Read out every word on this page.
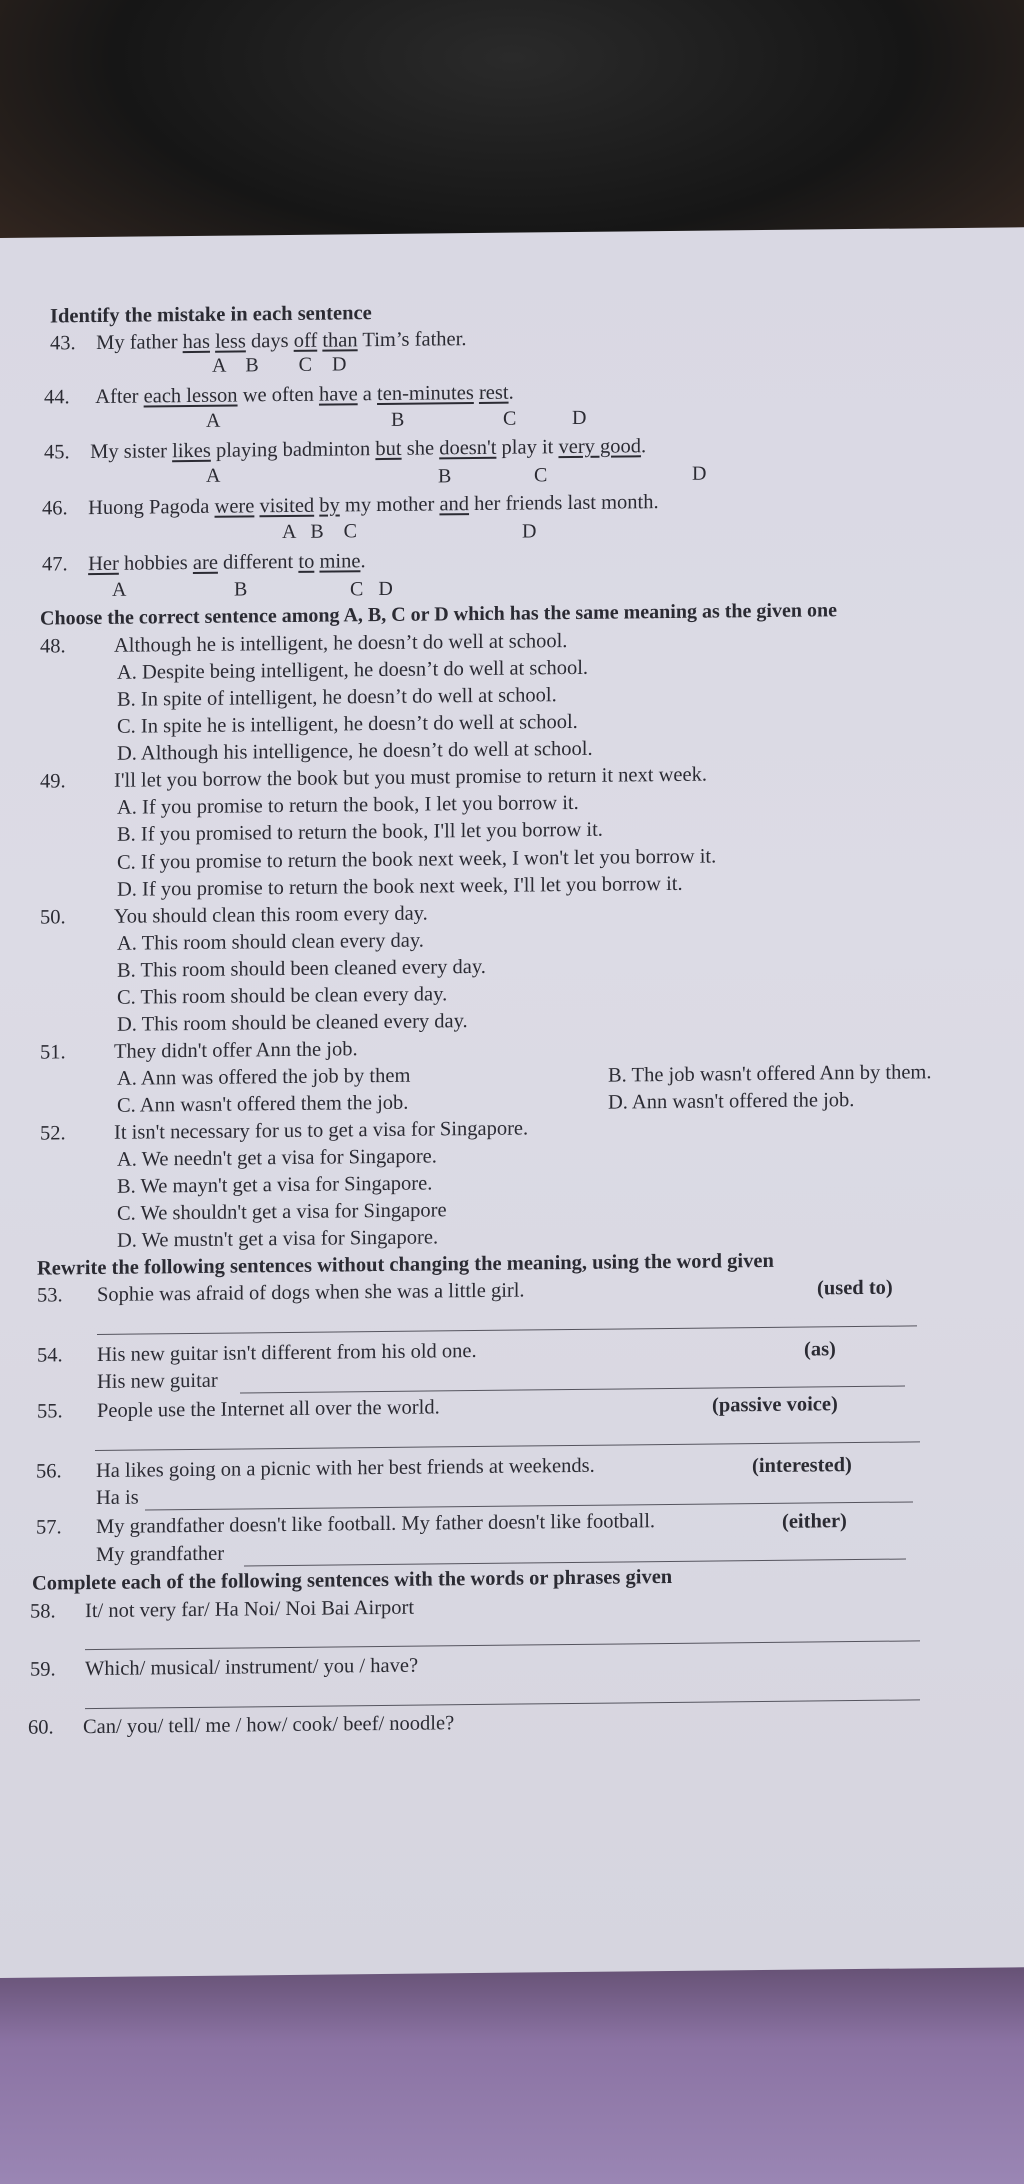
Identify the mistake in each sentence
43. My father has less days off than Tim’s father.
A    B        C    D
44. After each lesson we often have a ten-minutes rest.
A	B	C	D
45. My sister likes playing badminton but she doesn't play it very good.
A	B	C	D
46. Huong Pagoda were visited by my mother and her friends last month.
A   B    C	D
47. Her hobbies are different to mine.
A	B	C   D
Choose the correct sentence among A, B, C or D which has the same meaning as the given one
48. Although he is intelligent, he doesn’t do well at school.
A. Despite being intelligent, he doesn’t do well at school.
B. In spite of intelligent, he doesn’t do well at school.
C. In spite he is intelligent, he doesn’t do well at school.
D. Although his intelligence, he doesn’t do well at school.
49. I'll let you borrow the book but you must promise to return it next week.
A. If you promise to return the book, I let you borrow it.
B. If you promised to return the book, I'll let you borrow it.
C. If you promise to return the book next week, I won't let you borrow it.
D. If you promise to return the book next week, I'll let you borrow it.
50. You should clean this room every day.
A. This room should clean every day.
B. This room should been cleaned every day.
C. This room should be clean every day.
D. This room should be cleaned every day.
51. They didn't offer Ann the job.
A. Ann was offered the job by them	B. The job wasn't offered Ann by them.
C. Ann wasn't offered them the job.	D. Ann wasn't offered the job.
52. It isn't necessary for us to get a visa for Singapore.
A. We needn't get a visa for Singapore.
B. We mayn't get a visa for Singapore.
C. We shouldn't get a visa for Singapore
D. We mustn't get a visa for Singapore.
Rewrite the following sentences without changing the meaning, using the word given
53. Sophie was afraid of dogs when she was a little girl.	(used to)
54. His new guitar isn't different from his old one.	(as)
His new guitar
55. People use the Internet all over the world.	(passive voice)
56. Ha likes going on a picnic with her best friends at weekends.	(interested)
Ha is
57. My grandfather doesn't like football. My father doesn't like football.	(either)
My grandfather
Complete each of the following sentences with the words or phrases given
58. It/ not very far/ Ha Noi/ Noi Bai Airport
59. Which/ musical/ instrument/ you / have?
60. Can/ you/ tell/ me / how/ cook/ beef/ noodle?
